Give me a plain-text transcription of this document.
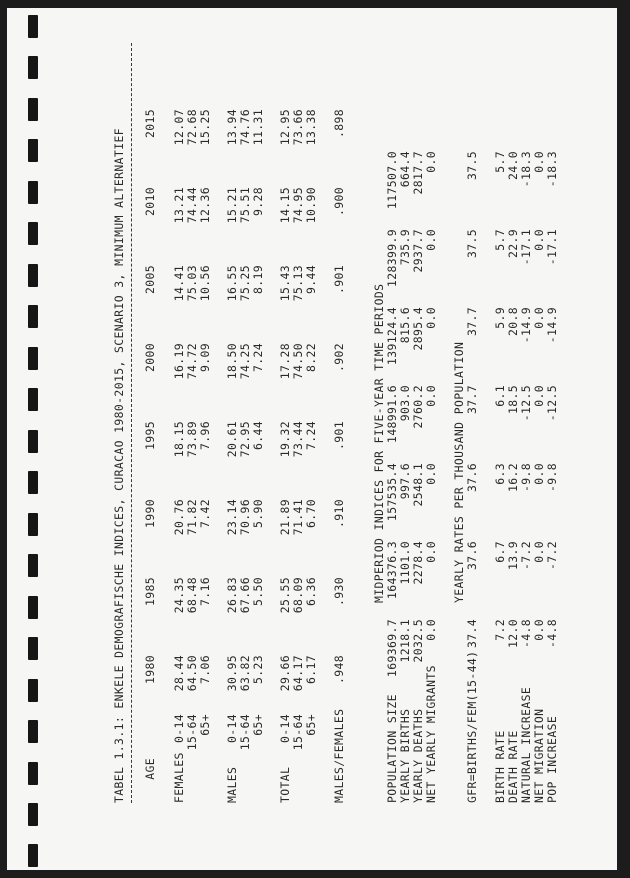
TABEL 1.3.1: ENKELE DEMOGRAFISCHE INDICES, CURACAO 1980-2015, SCENARIO 3, MINIMUM ALTERNATIEF

AGE

1980

1985

1990

1995

2000

2005

2010

2015

FEMALES

0-14

28.44

24.35

20.76

18.15

16.19

14.41

13.21

12.07

15-64

64.50

68.48

71.82

73.89

74.72

75.03

74.44

72.68

65+

7.06

7.16

7.42

7.96

9.09

10.56

12.36

15.25

MALES

0-14

30.95

26.83

23.14

20.61

18.50

16.55

15.21

13.94

15-64

63.82

67.66

70.96

72.95

74.25

75.25

75.51

74.76

65+

5.23

5.50

5.90

6.44

7.24

8.19

9.28

11.31

TOTAL

0-14

29.66

25.55

21.89

19.32

17.28

15.43

14.15

12.95

15-64

64.17

68.09

71.41

73.44

74.50

75.13

74.95

73.66

65+

6.17

6.36

6.70

7.24

8.22

9.44

10.90

13.38

MALES/FEMALES

.948

.930

.910

.901

.902

.901

.900

.898

MIDPERIOD INDICES FOR FIVE-YEAR TIME PERIODS

POPULATION SIZE

169369.7

164376.3

157535.4

148991.6

139124.4

128399.9

117507.0

YEARLY BIRTHS

1218.1

1101.0

997.6

903.0

815.6

735.9

664.4

YEARLY DEATHS

2032.5

2278.4

2548.1

2760.2

2895.4

2937.7

2817.7

NET YEARLY MIGRANTS

0.0

0.0

0.0

0.0

0.0

0.0

0.0

YEARLY RATES PER THOUSAND POPULATION

GFR=BIRTHS/FEM(15-44)

37.4

37.6

37.6

37.7

37.7

37.5

37.5

BIRTH RATE

7.2

6.7

6.3

6.1

5.9

5.7

5.7

DEATH RATE

12.0

13.9

16.2

18.5

20.8

22.9

24.0

NATURAL INCREASE

-4.8

-7.2

-9.8

-12.5

-14.9

-17.1

-18.3

NET MIGRATION

0.0

0.0

0.0

0.0

0.0

0.0

0.0

POP INCREASE

-4.8

-7.2

-9.8

-12.5

-14.9

-17.1

-18.3
